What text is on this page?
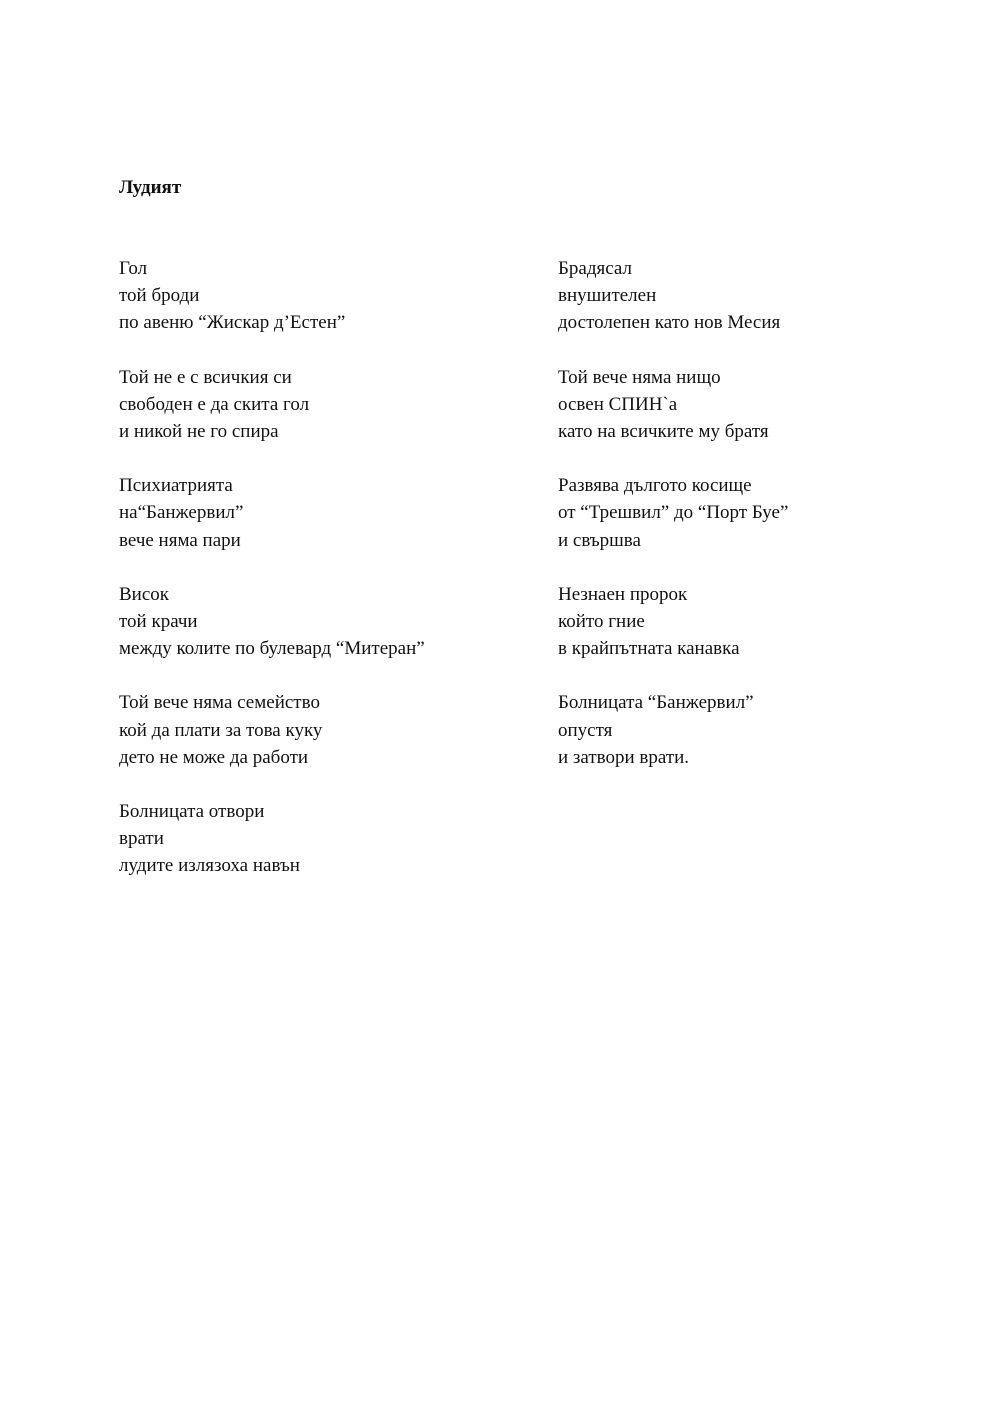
Лудият
Гол
той броди
по авеню “Жискар д’Естен”
Той не е с всичкия си
свободен е да скита гол
и никой не го спира
Психиатрията
на“Банжервил”
вече няма пари
Висок
той крачи
между колите по булевард “Митеран”
Той вече няма семейство
кой да плати за това куку
дето не може да работи
Болницата отвори
врати
лудите излязоха навън
Брадясал
внушителен
достолепен като нов Месия
Той вече няма нищо
освен СПИН`а
като на всичките му братя
Развява дългото косище
от “Трешвил” до “Порт Буе”
и свършва
Незнаен пророк
който гние
в крайпътната канавка
Болницата “Банжервил”
опустя
и затвори врати.
